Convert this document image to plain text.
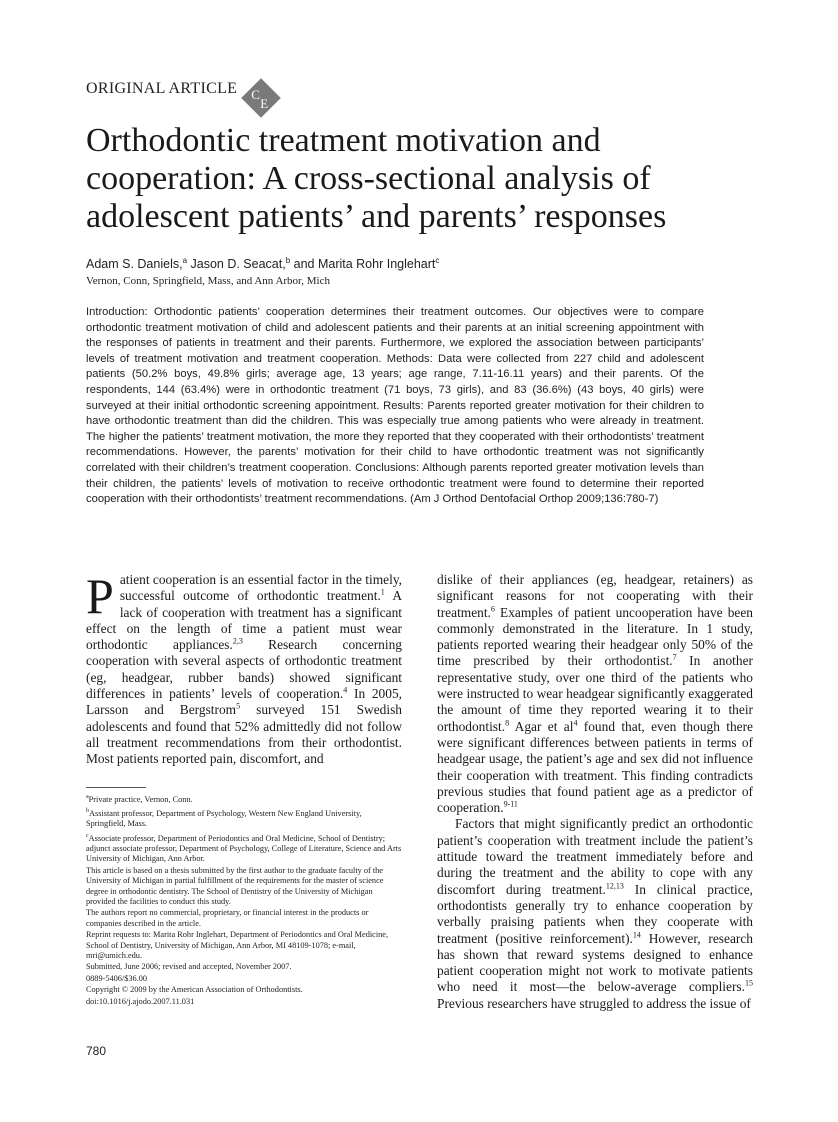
ORIGINAL ARTICLE C
E
Orthodontic treatment motivation and cooperation: A cross-sectional analysis of adolescent patients’ and parents’ responses
Adam S. Daniels,$^a$ Jason D. Seacat,$^b$ and Marita Rohr Inglehart$^c$
Vernon, Conn, Springfield, Mass, and Ann Arbor, Mich

Introduction: Orthodontic patients’ cooperation determines their treatment outcomes. Our objectives were to compare orthodontic treatment motivation of child and adolescent patients and their parents at an initial screening appointment with the responses of patients in treatment and their parents. Furthermore, we explored the association between participants’ levels of treatment motivation and treatment cooperation. Methods: Data were collected from 227 child and adolescent patients (50.2% boys, 49.8% girls; average age, 13 years; age range, 7.11-16.11 years) and their parents. Of the respondents, 144 (63.4%) were in orthodontic treatment (71 boys, 73 girls), and 83 (36.6%) (43 boys, 40 girls) were surveyed at their initial orthodontic screening appointment. Results: Parents reported greater motivation for their children to have orthodontic treatment than did the children. This was especially true among patients who were already in treatment. The higher the patients’ treatment motivation, the more they reported that they cooperated with their orthodontists’ treatment recommendations. However, the parents’ motivation for their child to have orthodontic treatment was not significantly correlated with their children’s treatment cooperation. Conclusions: Although parents reported greater motivation levels than their children, the patients’ levels of motivation to receive orthodontic treatment were found to determine their reported cooperation with their orthodontists’ treatment recommendations. (Am J Orthod Dentofacial Orthop 2009;136:780-7)

Patient cooperation is an essential factor in the timely, successful outcome of orthodontic treatment.$^1$ A lack of cooperation with treatment has a significant effect on the length of time a patient must wear orthodontic appliances.$^{2,3}$ Research concerning cooperation with several aspects of orthodontic treatment (eg, headgear, rubber bands) showed significant differences in patients’ levels of cooperation.$^4$ In 2005, Larsson and Bergstrom$^5$ surveyed 151 Swedish adolescents and found that 52% admittedly did not follow all treatment recommendations from their orthodontist. Most patients reported pain, discomfort, and

$^a$Private practice, Vernon, Conn.
$^b$Assistant professor, Department of Psychology, Western New England University, Springfield, Mass.
$^c$Associate professor, Department of Periodontics and Oral Medicine, School of Dentistry; adjunct associate professor, Department of Psychology, College of Literature, Science and Arts University of Michigan, Ann Arbor.
This article is based on a thesis submitted by the first author to the graduate faculty of the University of Michigan in partial fulfillment of the requirements for the master of science degree in orthodontic dentistry. The School of Dentistry of the University of Michigan provided the facilities to conduct this study.
The authors report no commercial, proprietary, or financial interest in the products or companies described in the article.
Reprint requests to: Marita Rohr Inglehart, Department of Periodontics and Oral Medicine, School of Dentistry, University of Michigan, Ann Arbor, MI 48109-1078; e-mail, mri@umich.edu.
Submitted, June 2006; revised and accepted, November 2007.
0889-5406/$36.00
Copyright © 2009 by the American Association of Orthodontists.
doi:10.1016/j.ajodo.2007.11.031

dislike of their appliances (eg, headgear, retainers) as significant reasons for not cooperating with their treatment.$^6$ Examples of patient uncooperation have been commonly demonstrated in the literature. In 1 study, patients reported wearing their headgear only 50% of the time prescribed by their orthodontist.$^7$ In another representative study, over one third of the patients who were instructed to wear headgear significantly exaggerated the amount of time they reported wearing it to their orthodontist.$^8$ Agar et al$^4$ found that, even though there were significant differences between patients in terms of headgear usage, the patient’s age and sex did not influence their cooperation with treatment. This finding contradicts previous studies that found patient age as a predictor of cooperation.$^{9-11}$

Factors that might significantly predict an orthodontic patient’s cooperation with treatment include the patient’s attitude toward the treatment immediately before and during the treatment and the ability to cope with any discomfort during treatment.$^{12,13}$ In clinical practice, orthodontists generally try to enhance cooperation by verbally praising patients when they cooperate with treatment (positive reinforcement).$^{14}$ However, research has shown that reward systems designed to enhance patient cooperation might not work to motivate patients who need it most—the below-average compliers.$^{15}$ Previous researchers have struggled to address the issue of

780
